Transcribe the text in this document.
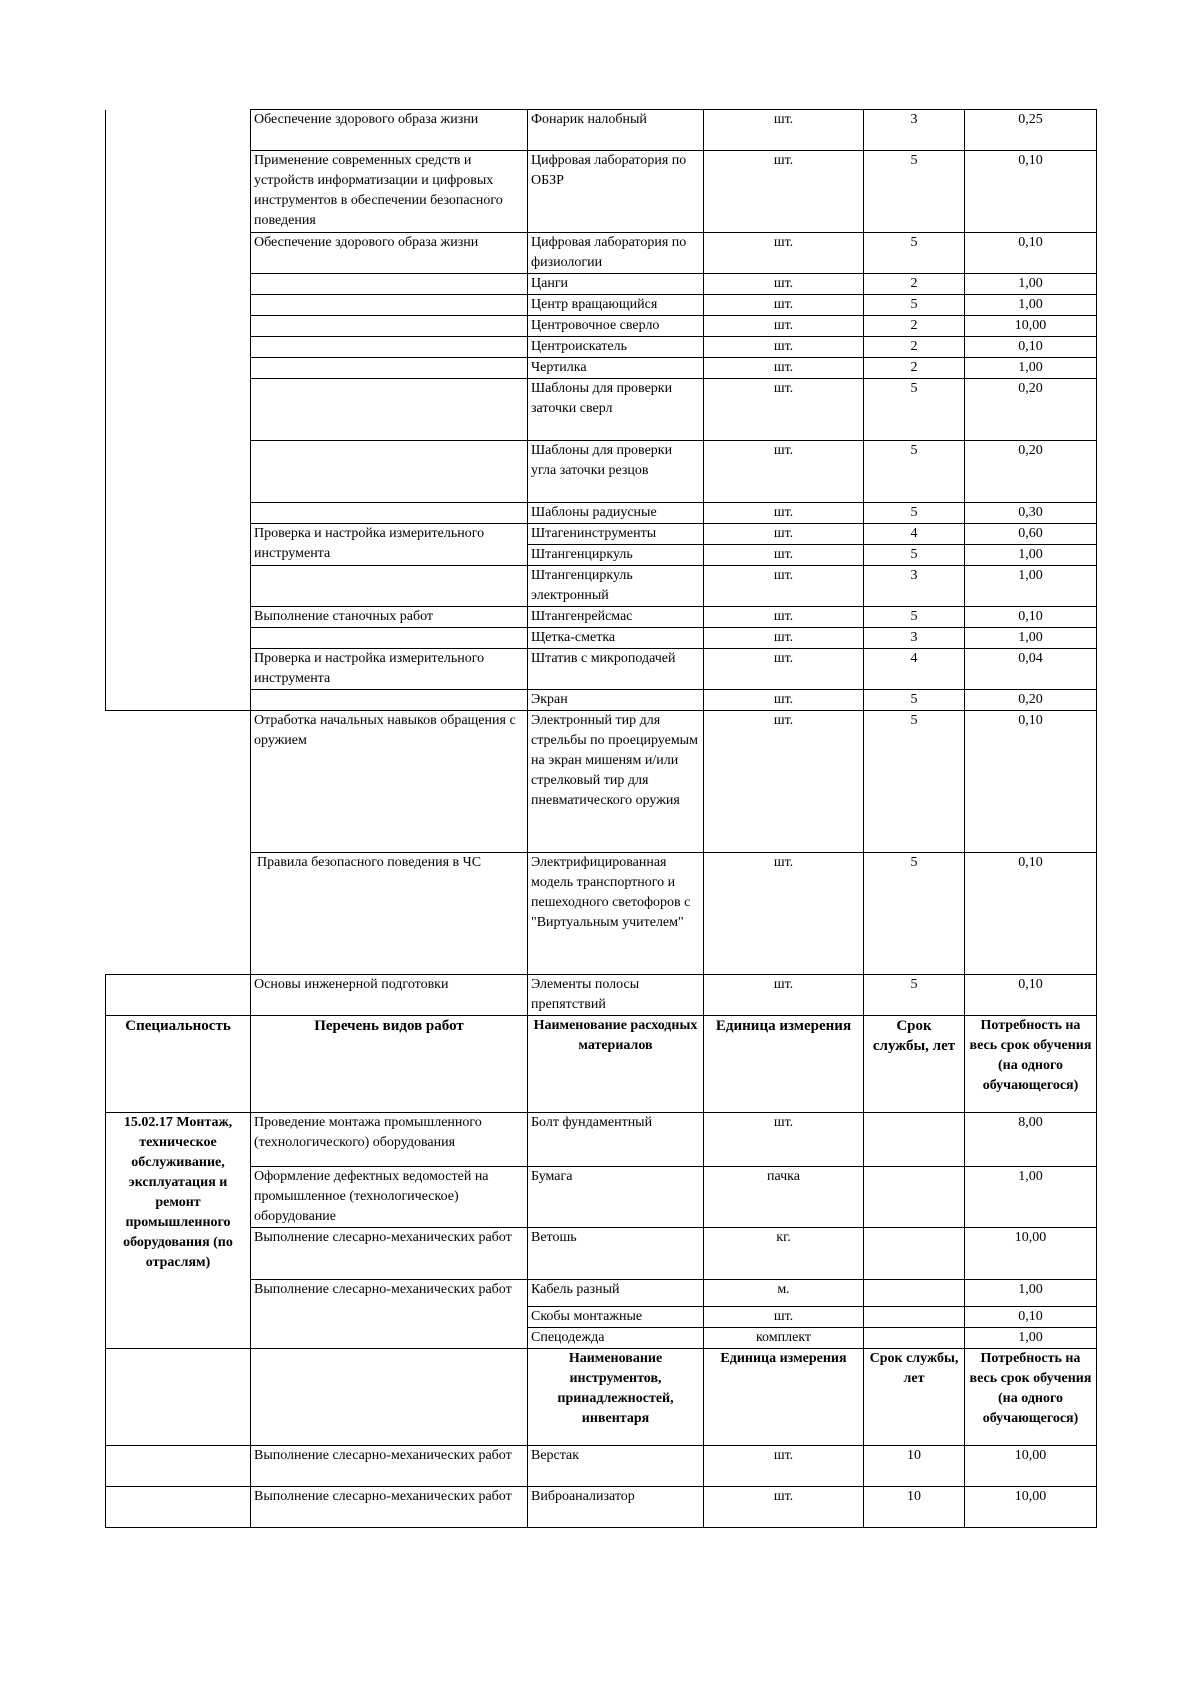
	Обеспечение здорового образа жизни	Фонарик налобный	шт.	3	0,25
	Применение современных средств и устройств информатизации и цифровых инструментов в обеспечении безопасного поведения	Цифровая лаборатория по ОБЗР	шт.	5	0,10
	Обеспечение здорового образа жизни	Цифровая лаборатория по физиологии	шт.	5	0,10
		Цанги	шт.	2	1,00
		Центр вращающийся	шт.	5	1,00
		Центровочное сверло	шт.	2	10,00
		Центроискатель	шт.	2	0,10
		Чертилка	шт.	2	1,00
		Шаблоны для проверки заточки сверл	шт.	5	0,20
		Шаблоны для проверки угла заточки резцов	шт.	5	0,20
		Шаблоны радиусные	шт.	5	0,30
	Проверка и настройка измерительного инструмента	Штагенинструменты	шт.	4	0,60
		Штангенциркуль	шт.	5	1,00
		Штангенциркуль электронный	шт.	3	1,00
	Выполнение станочных работ	Штангенрейсмас	шт.	5	0,10
		Щетка-сметка	шт.	3	1,00
	Проверка и настройка измерительного инструмента	Штатив с микроподачей	шт.	4	0,04
		Экран	шт.	5	0,20
	Отработка начальных навыков обращения с оружием	Электронный тир для стрельбы по проецируемым на экран мишеням и/или стрелковый тир для пневматического оружия	шт.	5	0,10
	Правила безопасного поведения в ЧС	Электрифицированная модель транспортного и пешеходного светофоров с "Виртуальным учителем"	шт.	5	0,10
	Основы инженерной подготовки	Элементы полосы препятствий	шт.	5	0,10
Специальность	Перечень видов работ	Наименование расходных материалов	Единица измерения	Срок службы, лет	Потребность на весь срок обучения (на одного обучающегося)
15.02.17 Монтаж, техническое обслуживание, эксплуатация и ремонт промышленного оборудования (по отраслям)	Проведение монтажа промышленного (технологического) оборудования	Болт фундаментный	шт.		8,00
	Оформление дефектных ведомостей на промышленное (технологическое) оборудование	Бумага	пачка		1,00
	Выполнение слесарно-механических работ	Ветошь	кг.		10,00
	Выполнение слесарно-механических работ	Кабель разный	м.		1,00
		Скобы монтажные	шт.		0,10
		Спецодежда	комплект		1,00
		Наименование инструментов, принадлежностей, инвентаря	Единица измерения	Срок службы, лет	Потребность на весь срок обучения (на одного обучающегося)
	Выполнение слесарно-механических работ	Верстак	шт.	10	10,00
	Выполнение слесарно-механических работ	Виброанализатор	шт.	10	10,00
